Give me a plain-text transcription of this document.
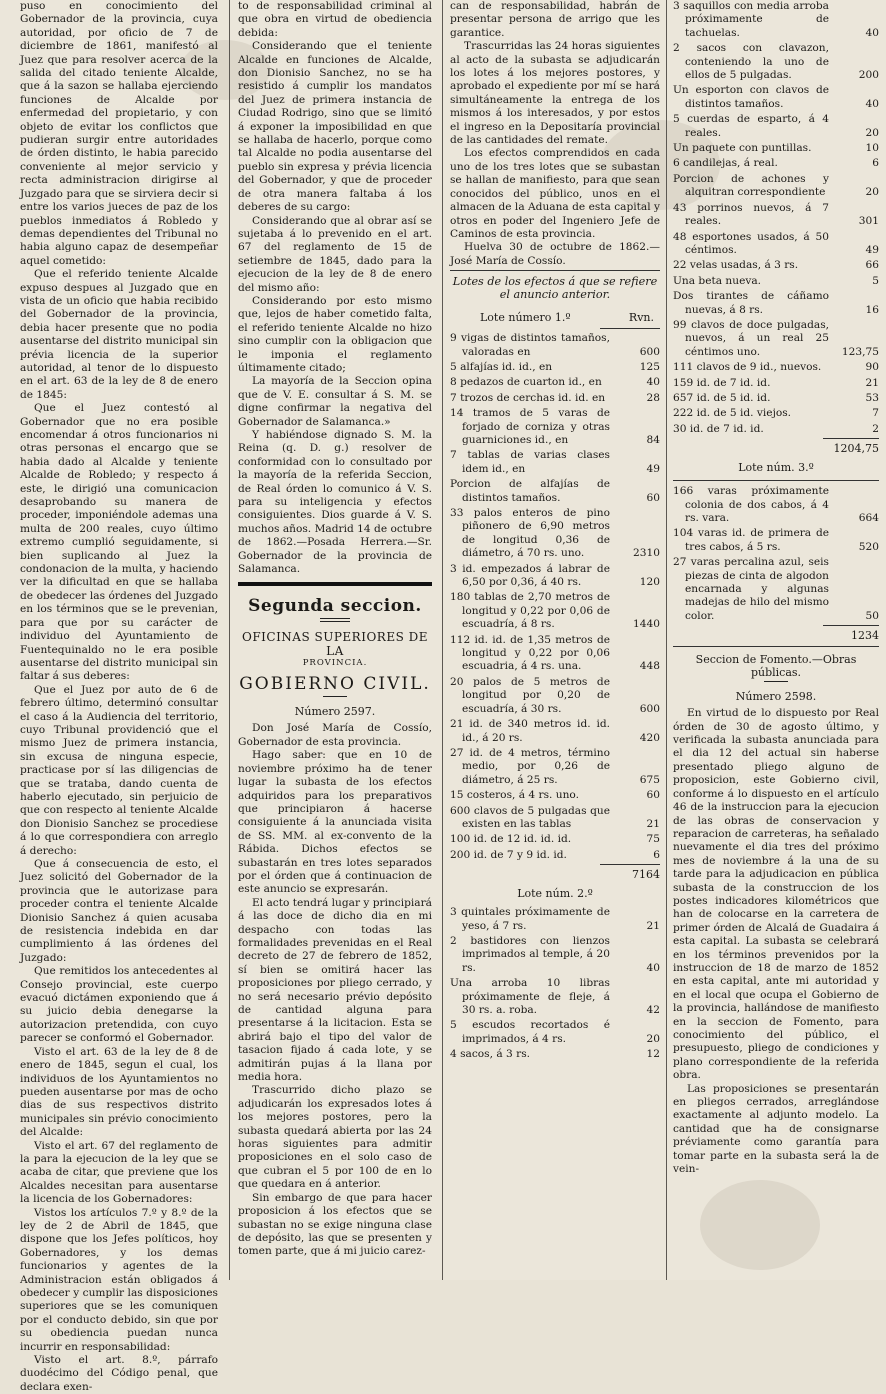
puso en conocimiento del Gobernador de la provincia, cuya autoridad, por oficio de 7 de diciembre de 1861, manifestó al Juez que para resolver acerca de la salida del citado teniente Alcalde, que á la sazon se hallaba ejerciendo funciones de Alcalde por enfermedad del propietario, y con objeto de evitar los conflictos que pudieran surgir entre autoridades de órden distinto, le habia parecido conveniente al mejor servicio y recta administracion dirigirse al Juzgado para que se sirviera decir si entre los varios jueces de paz de los pueblos inmediatos á Robledo y demas dependientes del Tribunal no habia alguno capaz de desempeñar aquel cometido:

Que el referido teniente Alcalde expuso despues al Juzgado que en vista de un oficio que habia recibido del Gobernador de la provincia, debia hacer presente que no podia ausentarse del distrito municipal sin prévia licencia de la superior autoridad, al tenor de lo dispuesto en el art. 63 de la ley de 8 de enero de 1845:

Que el Juez contestó al Gobernador que no era posible encomendar á otros funcionarios ni otras personas el encargo que se habia dado al Alcalde y teniente Alcalde de Robledo; y respecto á este, le dirigió una comunicacion desaprobando su manera de proceder, imponiéndole ademas una multa de 200 reales, cuyo último extremo cumplió seguidamente, si bien suplicando al Juez la condonacion de la multa, y haciendo ver la dificultad en que se hallaba de obedecer las órdenes del Juzgado en los términos que se le prevenian, para que por su carácter de individuo del Ayuntamiento de Fuentequinaldo no le era posible ausentarse del distrito municipal sin faltar á sus deberes:

Que el Juez por auto de 6 de febrero último, determinó consultar el caso á la Audiencia del territorio, cuyo Tribunal providenció que el mismo Juez de primera instancia, sin excusa de ninguna especie, practicase por sí las diligencias de que se trataba, dando cuenta de haberlo ejecutado, sin perjuicio de que con respecto al teniente Alcalde don Dionisio Sanchez se procediese á lo que correspondiera con arreglo á derecho:

Que á consecuencia de esto, el Juez solicitó del Gobernador de la provincia que le autorizase para proceder contra el teniente Alcalde Dionisio Sanchez á quien acusaba de resistencia indebida en dar cumplimiento á las órdenes del Juzgado:

Que remitidos los antecedentes al Consejo provincial, este cuerpo evacuó dictámen exponiendo que á su juicio debia denegarse la autorizacion pretendida, con cuyo parecer se conformó el Gobernador.

Visto el art. 63 de la ley de 8 de enero de 1845, segun el cual, los individuos de los Ayuntamientos no pueden ausentarse por mas de ocho dias de sus respectivos distrito municipales sin prévio conocimiento del Alcalde:

Visto el art. 67 del reglamento de la para la ejecucion de la ley que se acaba de citar, que previene que los Alcaldes necesitan para ausentarse la licencia de los Gobernadores:

Vistos los artículos 7.º y 8.º de la ley de 2 de Abril de 1845, que dispone que los Jefes políticos, hoy Gobernadores, y los demas funcionarios y agentes de la Administracion están obligados á obedecer y cumplir las disposiciones superiores que se les comuniquen por el conducto debido, sin que por su obediencia puedan nunca incurrir en responsabilidad:

Visto el art. 8.º, párrafo duodécimo del Código penal, que declara exen-

to de responsabilidad criminal al que obra en virtud de obediencia debida:

Considerando que el teniente Alcalde en funciones de Alcalde, don Dionisio Sanchez, no se ha resistido á cumplir los mandatos del Juez de primera instancia de Ciudad Rodrigo, sino que se limitó á exponer la imposibilidad en que se hallaba de hacerlo, porque como tal Alcalde no podia ausentarse del pueblo sin expresa y prévia licencia del Gobernador, y que de proceder de otra manera faltaba á los deberes de su cargo:

Considerando que al obrar así se sujetaba á lo prevenido en el art. 67 del reglamento de 15 de setiembre de 1845, dado para la ejecucion de la ley de 8 de enero del mismo año:

Considerando por esto mismo que, lejos de haber cometido falta, el referido teniente Alcalde no hizo sino cumplir con la obligacion que le imponia el reglamento últimamente citado;

La mayoría de la Seccion opina que de V. E. consultar á S. M. se digne confirmar la negativa del Gobernador de Salamanca.»

Y habiéndose dignado S. M. la Reina (q. D. g.) resolver de conformidad con lo consultado por la mayoría de la referida Seccion, de Real órden lo comunico á V. S. para su inteligencia y efectos consiguientes. Dios guarde á V. S. muchos años. Madrid 14 de octubre de 1862.—Posada Herrera.—Sr. Gobernador de la provincia de Salamanca.

Segunda seccion.
OFICINAS SUPERIORES DE LA
PROVINCIA.
GOBIERNO CIVIL.
Número 2597.

Don José María de Cossío, Gobernador de esta provincia.

Hago saber: que en 10 de noviembre próximo ha de tener lugar la subasta de los efectos adquiridos para los preparativos que principiaron á hacerse consiguiente á la anunciada visita de SS. MM. al ex-convento de la Rábida. Dichos efectos se subastarán en tres lotes separados por el órden que á continuacion de este anuncio se expresarán.

El acto tendrá lugar y principiará á las doce de dicho dia en mi despacho con todas las formalidades prevenidas en el Real decreto de 27 de febrero de 1852, sí bien se omitirá hacer las proposiciones por pliego cerrado, y no será necesario prévio depósito de cantidad alguna para presentarse á la licitacion. Esta se abrirá bajo el tipo del valor de tasacion fijado á cada lote, y se admitirán pujas á la llana por media hora.

Trascurrido dicho plazo se adjudicarán los expresados lotes á los mejores postores, pero la subasta quedará abierta por las 24 horas siguientes para admitir proposiciones en el solo caso de que cubran el 5 por 100 de en lo que quedara en á anterior.

Sin embargo de que para hacer proposicion á los efectos que se subastan no se exige ninguna clase de depósito, las que se presenten y tomen parte, que á mi juicio carez-

can de responsabilidad, habrán de presentar persona de arrigo que les garantice.

Trascurridas las 24 horas siguientes al acto de la subasta se adjudicarán los lotes á los mejores postores, y aprobado el expediente por mí se hará simultáneamente la entrega de los mismos á los interesados, y por estos el ingreso en la Depositaría provincial de las cantidades del remate.

Los efectos comprendidos en cada uno de los tres lotes que se subastan se hallan de manifiesto, para que sean conocidos del público, unos en el almacen de la Aduana de esta capital y otros en poder del Ingeniero Jefe de Caminos de esta provincia.

Huelva 30 de octubre de 1862.—José María de Cossío.

Lotes de los efectos á que se refiere el anuncio anterior.
Lote número 1.º	Rvn.
9 vigas de distintos tamaños, valoradas en	600
5 alfajías id. id., en	125
8 pedazos de cuarton id., en	40
7 trozos de cerchas id. id. en	28
14 tramos de 5 varas de forjado de corniza y otras guarniciones id., en	84
7 tablas de varias clases idem id., en	49
Porcion de alfajías de distintos tamaños.	60
33 palos enteros de pino piñonero de 6,90 metros de longitud 0,36 de diámetro, á 70 rs. uno.	2310
3 id. empezados á labrar de 6,50 por 0,36, á 40 rs.	120
180 tablas de 2,70 metros de longitud y 0,22 por 0,06 de escuadría, á 8 rs.	1440
112 id. id. de 1,35 metros de longitud y 0,22 por 0,06 escuadria, á 4 rs. una.	448
20 palos de 5 metros de longitud por 0,20 de escuadría, á 30 rs.	600
21 id. de 340 metros id. id. id., á 20 rs.	420
27 id. de 4 metros, término medio, por 0,26 de diámetro, á 25 rs.	675
15 costeros, á 4 rs. uno.	60
600 clavos de 5 pulgadas que existen en las tablas	21
100 id. de 12 id. id. id.	75
200 id. de 7 y 9 id. id.	6
7164
Lote núm. 2.º
3 quintales próximamente de yeso, á 7 rs.	21
2 bastidores con lienzos imprimados al temple, á 20 rs.	40
Una arroba 10 libras próximamente de fleje, á 30 rs. a. roba.	42
5 escudos recortados é imprimados, á 4 rs.	20
4 sacos, á 3 rs.	12
3 saquillos con media arroba próximamente de tachuelas.	40
2 sacos con clavazon, conteniendo la uno de ellos de 5 pulgadas.	200
Un esporton con clavos de distintos tamaños.	40
5 cuerdas de esparto, á 4 reales.	20
Un paquete con puntillas.	10
6 candilejas, á real.	6
Porcion de achones y alquitran correspondiente	20
43 porrinos nuevos, á 7 reales.	301
48 esportones usados, á 50 céntimos.	49
22 velas usadas, á 3 rs.	66
Una beta nueva.	5
Dos tirantes de cáñamo nuevas, á 8 rs.	16
99 clavos de doce pulgadas, nuevos, á un real 25 céntimos uno.	123,75
111 clavos de 9 id., nuevos.	90
159 id. de 7 id. id.	21
657 id. de 5 id. id.	53
222 id. de 5 id. viejos.	7
30 id. de 7 id. id.	2
1204,75
Lote núm. 3.º
166 varas próximamente colonia de dos cabos, á 4 rs. vara.	664
104 varas id. de primera de tres cabos, á 5 rs.	520
27 varas percalina azul, seis piezas de cinta de algodon encarnada y algunas madejas de hilo del mismo color.	50
1234
Seccion de Fomento.—Obras públicas.
Número 2598.

En virtud de lo dispuesto por Real órden de 30 de agosto último, y verificada la subasta anunciada para el dia 12 del actual sin haberse presentado pliego alguno de proposicion, este Gobierno civil, conforme á lo dispuesto en el artículo 46 de la instruccion para la ejecucion de las obras de conservacion y reparacion de carreteras, ha señalado nuevamente el dia tres del próximo mes de noviembre á la una de su tarde para la adjudicacion en pública subasta de la construccion de los postes indicadores kilométricos que han de colocarse en la carretera de primer órden de Alcalá de Guadaira á esta capital. La subasta se celebrará en los términos prevenidos por la instruccion de 18 de marzo de 1852 en esta capital, ante mi autoridad y en el local que ocupa el Gobierno de la provincia, hallándose de manifiesto en la seccion de Fomento, para conocimiento del público, el presupuesto, pliego de condiciones y plano correspondiente de la referida obra.

Las proposiciones se presentarán en pliegos cerrados, arreglándose exactamente al adjunto modelo. La cantidad que ha de consignarse préviamente como garantía para tomar parte en la subasta será la de vein-
